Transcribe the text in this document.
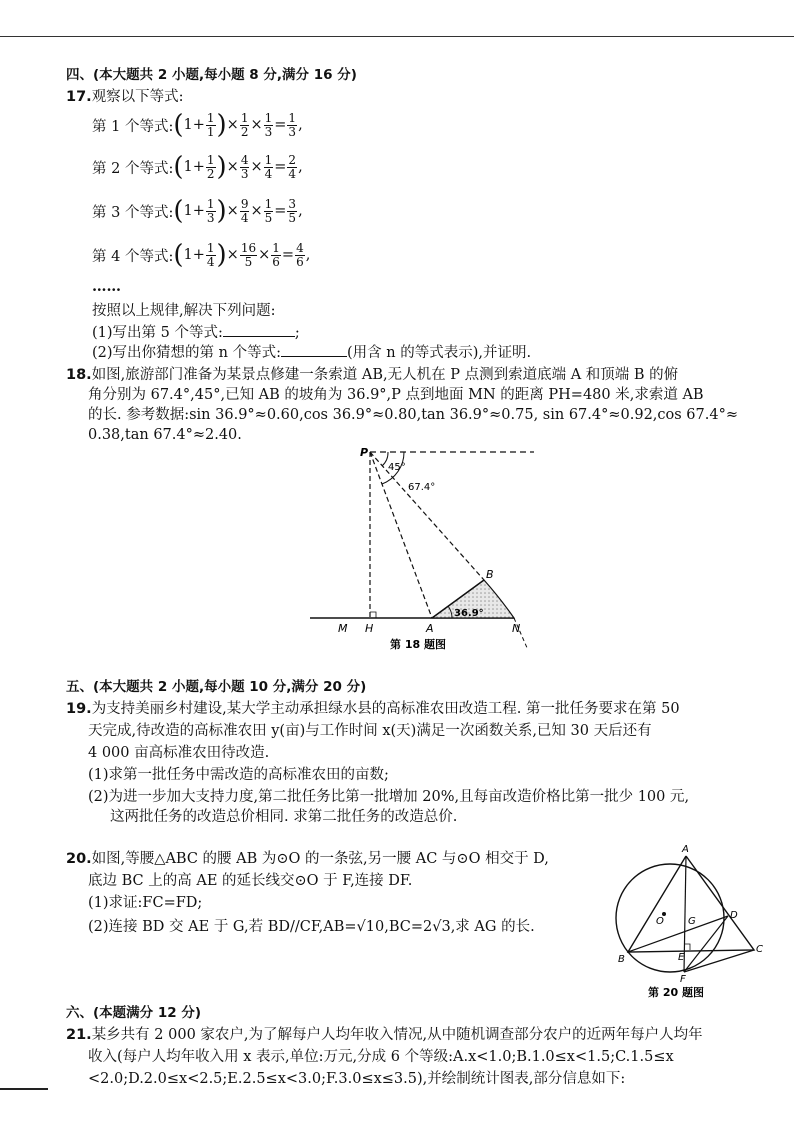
四、(本大题共 2 小题,每小题 8 分,满分 16 分)
17.观察以下等式:
第 1 个等式: ( $1+ \frac{1}{1}$ ) × $\frac{1}{2} \times \frac{1}{3} = \frac{1}{3}$ ,
第 2 个等式: ( $1+ \frac{1}{2}$ ) × $\frac{4}{3} \times \frac{1}{4} = \frac{2}{4}$ ,
第 3 个等式: ( $1+ \frac{1}{3}$ ) × $\frac{9}{4} \times \frac{1}{5} = \frac{3}{5}$ ,
第 4 个等式: ( $1+ \frac{1}{4}$ ) × $\frac{16}{5} \times \frac{1}{6} = \frac{4}{6}$ ,
……
按照以上规律,解决下列问题:
(1)写出第 5 个等式:	;
(2)写出你猜想的第 n 个等式:	(用含 n 的等式表示),并证明.
18.如图,旅游部门准备为某景点修建一条索道 AB,无人机在 P 点测到索道底端 A 和顶端 B 的俯
角分别为 67.4°,45°,已知 AB 的坡角为 36.9°,P 点到地面 MN 的距离 PH=480 米,求索道 AB
的长. 参考数据:sin 36.9°≈0.60,cos 36.9°≈0.80,tan 36.9°≈0.75, sin 67.4°≈0.92,cos 67.4°≈
0.38,tan 67.4°≈2.40.
P
45°
67.4°
B
36.9°
M H	A	N
第 18 题图
五、(本大题共 2 小题,每小题 10 分,满分 20 分)
19.为支持美丽乡村建设,某大学主动承担绿水县的高标准农田改造工程. 第一批任务要求在第 50
天完成,待改造的高标准农田 y(亩)与工作时间 x(天)满足一次函数关系,已知 30 天后还有
4 000 亩高标准农田待改造.
(1)求第一批任务中需改造的高标准农田的亩数;
(2)为进一步加大支持力度,第二批任务比第一批增加 20%,且每亩改造价格比第一批少 100 元,
这两批任务的改造总价相同. 求第二批任务的改造总价.
20.如图,等腰△ABC 的腰 AB 为⊙O 的一条弦,另一腰 AC 与⊙O 相交于 D,
底边 BC 上的高 AE 的延长线交⊙O 于 F,连接 DF.
(1)求证:FC=FD;
(2)连接 BD 交 AE 于 G,若 BD//CF,AB=√10,BC=2√3,求 AG 的长.
A
B
C
D
E
F
G
O
第 20 题图
六、(本题满分 12 分)
21.某乡共有 2 000 家农户,为了解每户人均年收入情况,从中随机调查部分农户的近两年每户人均年
收入(每户人均年收入用 x 表示,单位:万元,分成 6 个等级:A.x<1.0;B.1.0≤x<1.5;C.1.5≤x
<2.0;D.2.0≤x<2.5;E.2.5≤x<3.0;F.3.0≤x≤3.5),并绘制统计图表,部分信息如下:
